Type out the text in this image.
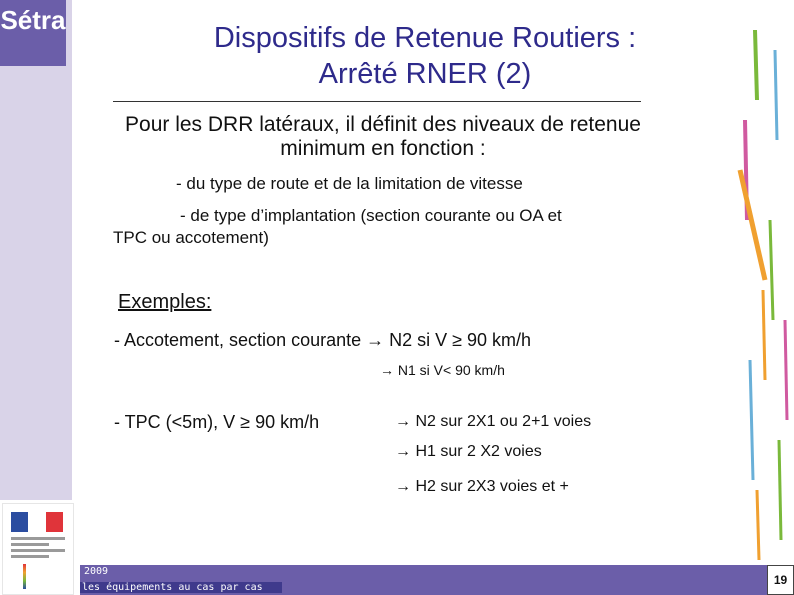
Sétra
Dispositifs de Retenue Routiers :
Arrêté RNER (2)
Pour les DRR latéraux, il définit des niveaux de retenue minimum en fonction :
- du type de route et de la limitation de vitesse
- de type d’implantation (section courante ou OA et
TPC ou accotement)
Exemples:
- Accotement, section courante → N2 si V ≥ 90 km/h
→ N1 si V< 90 km/h
- TPC (<5m), V ≥ 90 km/h	→ N2 sur 2X1 ou 2+1 voies
→ H1 sur 2 X2 voies
→ H2 sur 2X3 voies et +
2009
les équipements au cas par cas
19
